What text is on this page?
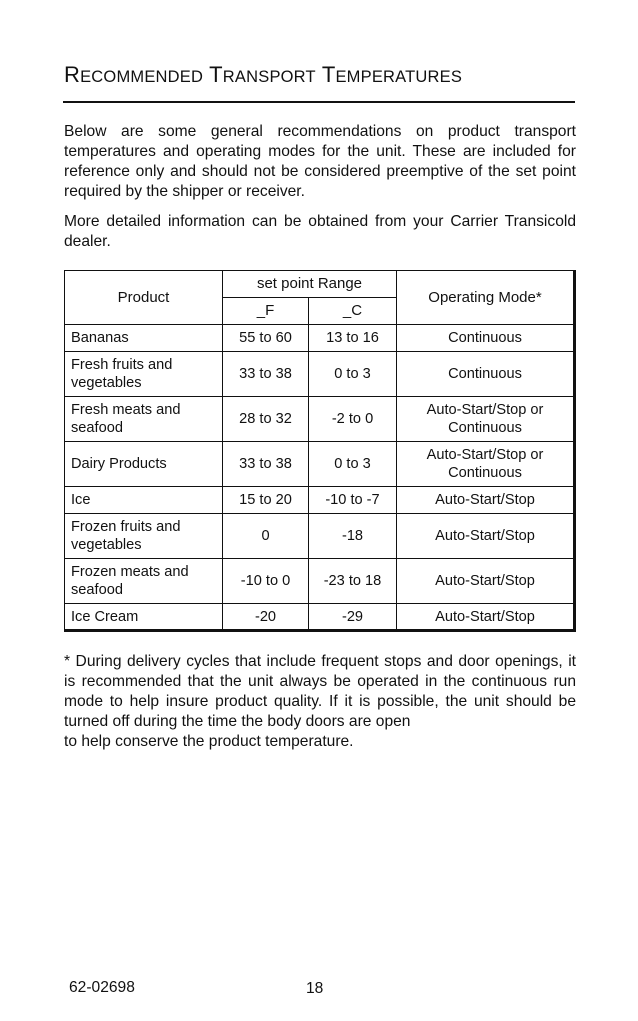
RECOMMENDED TRANSPORT TEMPERATURES
Below are some general recommendations on product transport temperatures and operating modes for the unit. These are included for reference only and should not be considered preemptive of the set point required by the shipper or receiver.
More detailed information can be obtained from your Carrier Transicold dealer.
Product	set point Range		Operating Mode*
	_F	_C	
Bananas	55 to 60	13 to 16	Continuous
Fresh fruits and vegetables	33 to 38	0 to 3	Continuous
Fresh meats and seafood	28 to 32	-2 to 0	Auto-Start/Stop or Continuous
Dairy Products	33 to 38	0 to 3	Auto-Start/Stop or Continuous
Ice	15 to 20	-10 to -7	Auto-Start/Stop
Frozen fruits and vegetables	0	-18	Auto-Start/Stop
Frozen meats and seafood	-10 to 0	-23 to 18	Auto-Start/Stop
Ice Cream	-20	-29	Auto-Start/Stop
* During delivery cycles that include frequent stops and door openings, it is recommended that the unit always be operated in the continuous run mode to help insure product quality. If it is possible, the unit should be turned off during the time the body doors are open
to help conserve the product temperature.
62-02698	18
